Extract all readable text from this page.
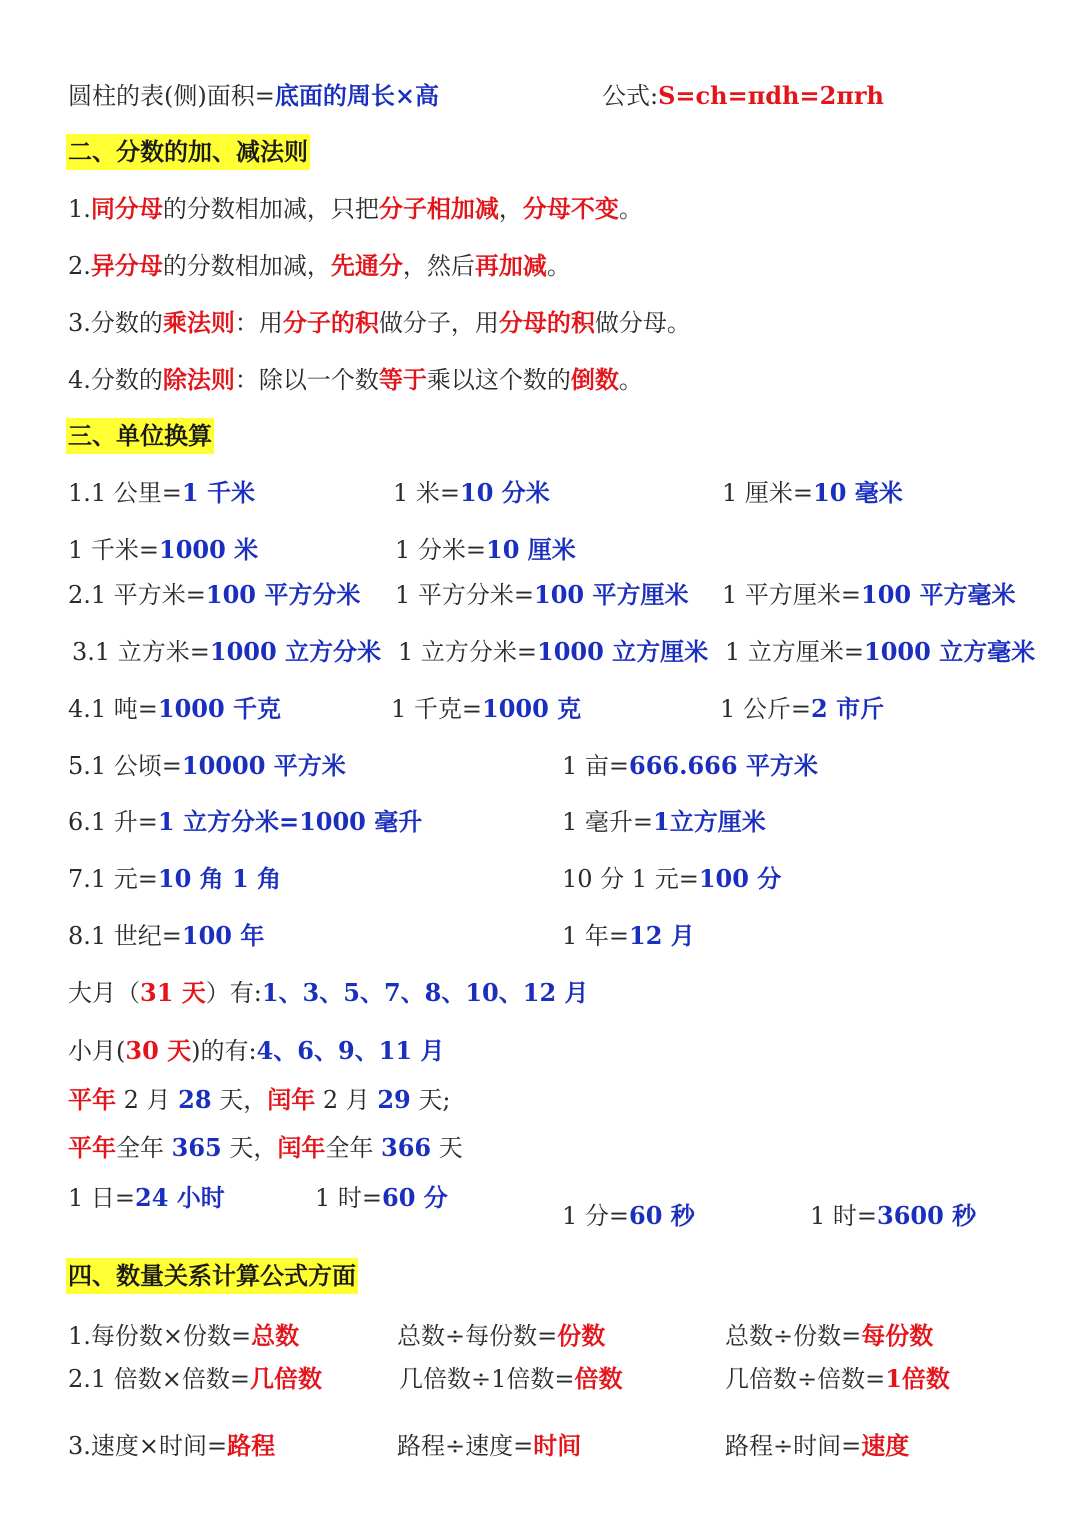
二、分数的加、减法则
三、单位换算
四、数量关系计算公式方面
圆柱的表(侧)面积=底面的周长×高	公式:S=ch=πdh=2πrh
1.同分母的分数相加减，只把分子相加减，分母不变。
2.异分母的分数相加减，先通分，然后再加减。
3.分数的乘法则：用分子的积做分子，用分母的积做分母。
4.分数的除法则：除以一个数等于乘以这个数的倒数。
1.1 公里=1 千米	1 米=10 分米	1 厘米=10 毫米
1 千米=1000 米	1 分米=10 厘米
2.1 平方米=100 平方分米 1 平方分米=100 平方厘米 1 平方厘米=100 平方毫米
3.1 立方米=1000 立方分米 1 立方分米=1000 立方厘米 1 立方厘米=1000 立方毫米
4.1 吨=1000 千克	1 千克=1000 克	1 公斤=2 市斤
5.1 公顷=10000 平方米	1 亩=666.666 平方米
6.1 升=1 立方分米=1000 毫升	1 毫升=1立方厘米
7.1 元=10 角 1 角	10 分 1 元=100 分
8.1 世纪=100 年	1 年=12 月
大月（31 天）有:1、3、5、7、8、10、12 月
小月(30 天)的有:4、6、9、11 月
平年 2 月 28 天，闰年 2 月 29 天;
平年全年 365 天，闰年全年 366 天
1 日=24 小时	1 时=60 分
1 分=60 秒	1 时=3600 秒
1.每份数×份数=总数	总数÷每份数=份数	总数÷份数=每份数
2.1 倍数×倍数=几倍数	几倍数÷1倍数=倍数	几倍数÷倍数=1倍数
3.速度×时间=路程	路程÷速度=时间	路程÷时间=速度
